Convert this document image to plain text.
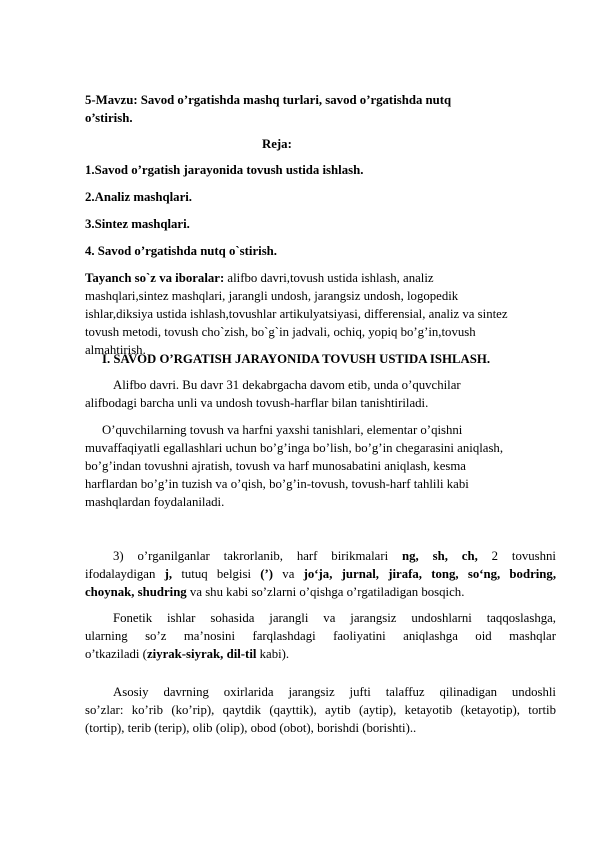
5-Mavzu: Savod o’rgatishda mashq turlari, savod o’rgatishda nutq
o’stirish.
Reja:
1.Savod o’rgatish jarayonida tovush ustida ishlash.
2.Analiz mashqlari.
3.Sintez mashqlari.
4. Savod o’rgatishda nutq o`stirish.
Tayanch so`z va iboralar: alifbo davri,tovush ustida ishlash, analiz
mashqlari,sintez mashqlari, jarangli undosh, jarangsiz undosh, logopedik
ishlar,diksiya ustida ishlash,tovushlar artikulyatsiyasi, differensial, analiz va sintez
tovush metodi, tovush cho`zish, bo`g`in jadvali, ochiq, yopiq bo’g’in,tovush
almahtirish.
I. SAVOD O’RGATISH JARAYONIDA TOVUSH USTIDA ISHLASH.
Alifbo davri. Bu davr 31 dekabrgacha davom etib, unda o’quvchilar
alifbodagi barcha unli va undosh tovush-harflar bilan tanishtiriladi.
O’quvchilarning tovush va harfni yaxshi tanishlari, elementar o’qishni
muvaffaqiyatli egallashlari uchun bo’g’inga bo’lish, bo’g’in chegarasini aniqlash,
bo’g’indan tovushni ajratish, tovush va harf munosabatini aniqlash, kesma
harflardan bo’g’in tuzish va o’qish, bo’g’in-tovush, tovush-harf tahlili kabi
mashqlardan foydalaniladi.
3) o’rganilganlar takrorlanib, harf birikmalari ng, sh, ch, 2 tovushni
ifodalaydigan j, tutuq belgisi (’) va jo‘ja, jurnal, jirafa, tong, so‘ng, bodring,
choynak, shudring va shu kabi so’zlarni o’qishga o’rgatiladigan bosqich.
Fonetik ishlar sohasida jarangli va jarangsiz undoshlarni taqqoslashga,
ularning so’z ma’nosini farqlashdagi faoliyatini aniqlashga oid mashqlar
o’tkaziladi (ziyrak-siyrak, dil-til kabi).
Asosiy davrning oxirlarida jarangsiz jufti talaffuz qilinadigan undoshli
so’zlar: ko’rib (ko’rip), qaytdik (qayttik), aytib (aytip), ketayotib (ketayotip), tortib
(tortip), terib (terip), olib (olip), obod (obot), borishdi (borishti)..
